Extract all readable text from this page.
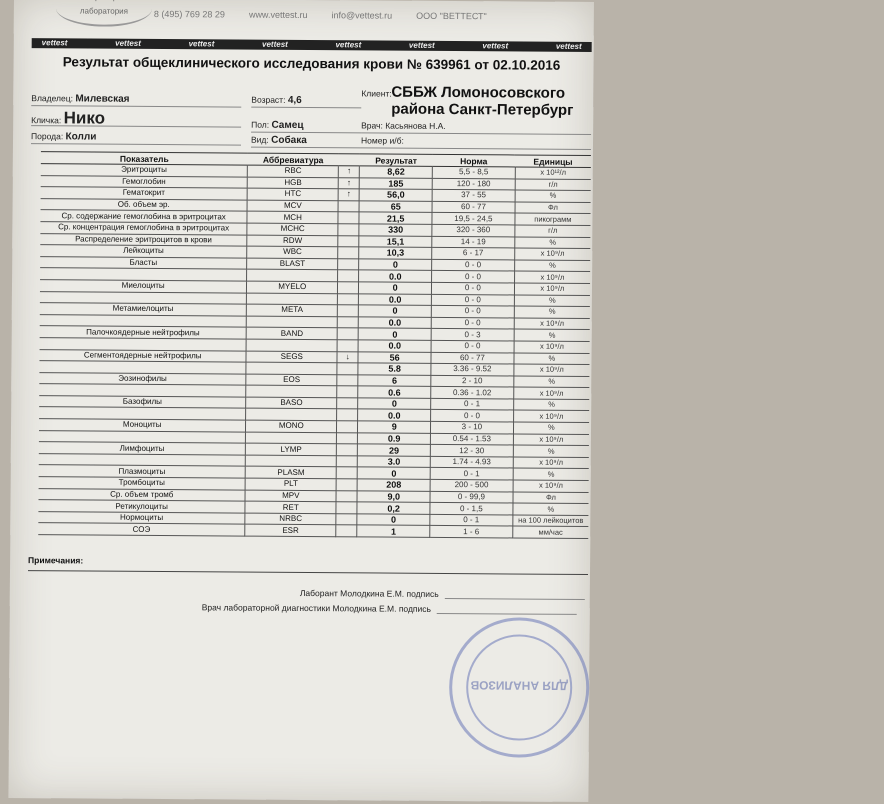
лаборатория	8 (495) 769 28 29	www.vettest.ru	info@vettest.ru	ООО "ВЕТТЕСТ"
vettest	vettest	vettest	vettest	vettest	vettest	vettest	vettest
Результат общеклинического исследования крови № 639961 от 02.10.2016
Владелец: Милевская	Возраст: 4,6
Клиент:
Кличка: Нико	Пол: Самец	Врач: Касьянова Н.А.
Порода: Колли	Вид: Собака	Номер и/б:
СББЖ Ломоносовского района Санкт-Петербург
Показатель	Аббревиатура		Результат	Норма	Единицы
Эритроциты	RBC	↑	8,62	5,5 - 8,5	x 10¹²/л
Гемоглобин	HGB	↑	185	120 - 180	г/л
Гематокрит	HTC	↑	56,0	37 - 55	%
Об. объем эр.	MCV		65	60 - 77	Фл
Ср. содержание гемоглобина в эритроцитах	MCH		21,5	19,5 - 24,5	пикограмм
Ср. концентрация гемоглобина в эритроцитах	MCHC		330	320 - 360	г/л
Распределение эритроцитов в крови	RDW		15,1	14 - 19	%
Лейкоциты	WBC		10,3	6 - 17	x 10⁹/л
Бласты	BLAST		0	0 - 0	%
			0.0	0 - 0	x 10⁹/л
Миелоциты	MYELO		0	0 - 0	x 10⁹/л
			0.0	0 - 0	%
Метамиелоциты	META		0	0 - 0	%
			0.0	0 - 0	x 10⁹/л
Палочкоядерные нейтрофилы	BAND		0	0 - 3	%
			0.0	0 - 0	x 10⁹/л
Сегментоядерные нейтрофилы	SEGS	↓	56	60 - 77	%
			5.8	3.36 - 9.52	x 10⁹/л
Эозинофилы	EOS		6	2 - 10	%
			0.6	0.36 - 1.02	x 10⁹/л
Базофилы	BASO		0	0 - 1	%
			0.0	0 - 0	x 10⁹/л
Моноциты	MONO		9	3 - 10	%
			0.9	0.54 - 1.53	x 10⁹/л
Лимфоциты	LYMP		29	12 - 30	%
			3.0	1.74 - 4.93	x 10⁹/л
Плазмоциты	PLASM		0	0 - 1	%
Тромбоциты	PLT		208	200 - 500	x 10⁹/л
Ср. объем тромб	MPV		9,0	0 - 99,9	Фл
Ретикулоциты	RET		0,2	0 - 1,5	%
Нормоциты	NRBC		0	0 - 1	на 100 лейкоцитов
СОЭ	ESR		1	1 - 6	мм/час
Примечания:
Лаборант Молодкина Е.М. подпись
Врач лабораторной диагностики Молодкина Е.М. подпись
ДЛЯ АНАЛИЗОВ
